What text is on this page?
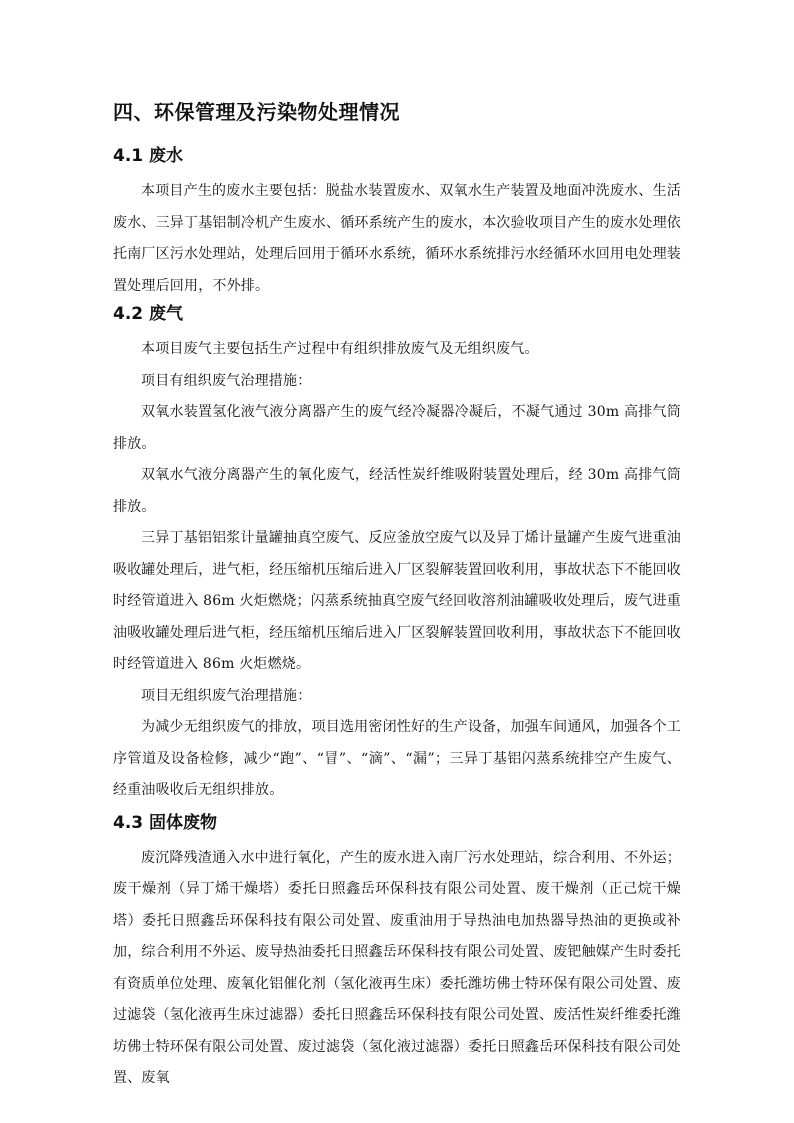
四、环保管理及污染物处理情况
4.1 废水

本项目产生的废水主要包括：脱盐水装置废水、双氧水生产装置及地面冲洗废水、生活废水、三异丁基铝制冷机产生废水、循环系统产生的废水，本次验收项目产生的废水处理依托南厂区污水处理站，处理后回用于循环水系统，循环水系统排污水经循环水回用电处理装置处理后回用，不外排。

4.2 废气

本项目废气主要包括生产过程中有组织排放废气及无组织废气。

项目有组织废气治理措施：

双氧水装置氢化液气液分离器产生的废气经冷凝器冷凝后，不凝气通过 30m 高排气筒排放。

双氧水气液分离器产生的氧化废气，经活性炭纤维吸附装置处理后，经 30m 高排气筒排放。

三异丁基铝铝浆计量罐抽真空废气、反应釜放空废气以及异丁烯计量罐产生废气进重油吸收罐处理后，进气柜，经压缩机压缩后进入厂区裂解装置回收利用，事故状态下不能回收时经管道进入 86m 火炬燃烧；闪蒸系统抽真空废气经回收溶剂油罐吸收处理后，废气进重油吸收罐处理后进气柜，经压缩机压缩后进入厂区裂解装置回收利用，事故状态下不能回收时经管道进入 86m 火炬燃烧。

项目无组织废气治理措施：

为减少无组织废气的排放，项目选用密闭性好的生产设备，加强车间通风，加强各个工序管道及设备检修，减少“跑”、“冒”、“滴”、“漏”；三异丁基铝闪蒸系统排空产生废气、经重油吸收后无组织排放。

4.3 固体废物

废沉降残渣通入水中进行氧化，产生的废水进入南厂污水处理站，综合利用、不外运；废干燥剂（异丁烯干燥塔）委托日照鑫岳环保科技有限公司处置、废干燥剂（正己烷干燥塔）委托日照鑫岳环保科技有限公司处置、废重油用于导热油电加热器导热油的更换或补加，综合利用不外运、废导热油委托日照鑫岳环保科技有限公司处置、废钯触媒产生时委托有资质单位处理、废氧化铝催化剂（氢化液再生床）委托潍坊佛士特环保有限公司处置、废过滤袋（氢化液再生床过滤器）委托日照鑫岳环保科技有限公司处置、废活性炭纤维委托潍坊佛士特环保有限公司处置、废过滤袋（氢化液过滤器）委托日照鑫岳环保科技有限公司处置、废氧
